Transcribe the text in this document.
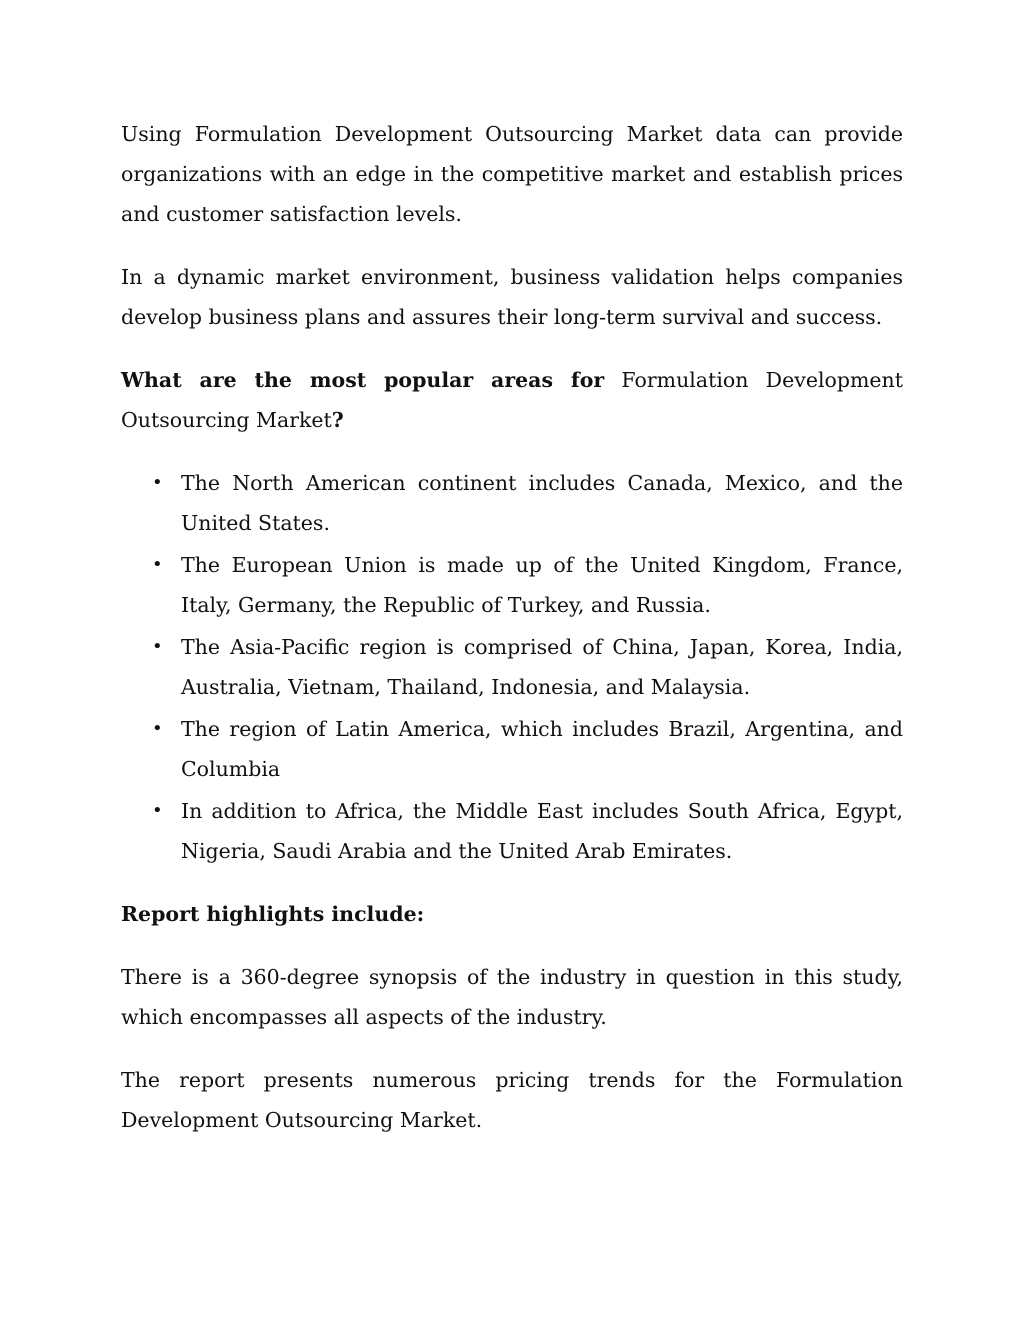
Using Formulation Development Outsourcing Market data can provide organizations with an edge in the competitive market and establish prices and customer satisfaction levels.

In a dynamic market environment, business validation helps companies develop business plans and assures their long-term survival and success.

What are the most popular areas for Formulation Development Outsourcing Market?

• The North American continent includes Canada, Mexico, and the United States.
• The European Union is made up of the United Kingdom, France, Italy, Germany, the Republic of Turkey, and Russia.
• The Asia-Pacific region is comprised of China, Japan, Korea, India, Australia, Vietnam, Thailand, Indonesia, and Malaysia.
• The region of Latin America, which includes Brazil, Argentina, and Columbia
• In addition to Africa, the Middle East includes South Africa, Egypt, Nigeria, Saudi Arabia and the United Arab Emirates.

Report highlights include:

There is a 360-degree synopsis of the industry in question in this study, which encompasses all aspects of the industry.

The report presents numerous pricing trends for the Formulation Development Outsourcing Market.
